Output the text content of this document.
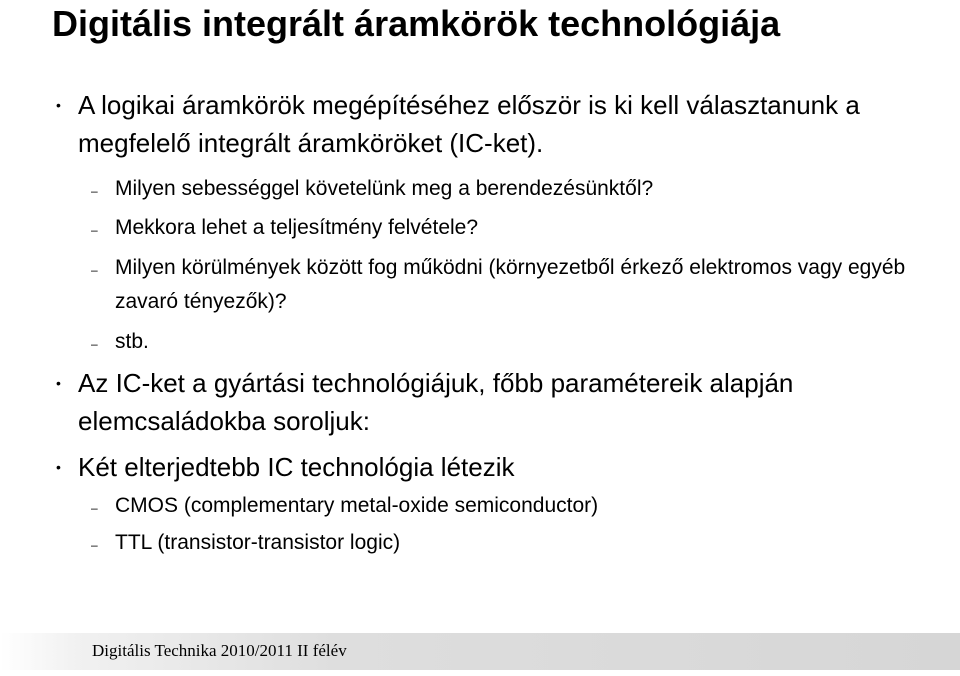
Digitális integrált áramkörök technológiája
• A logikai áramkörök megépítéséhez először is ki kell választanunk a megfelelő integrált áramköröket (IC-ket).
– Milyen sebességgel követelünk meg a berendezésünktől?
– Mekkora lehet a teljesítmény felvétele?
– Milyen körülmények között fog működni (környezetből érkező elektromos vagy egyéb zavaró tényezők)?
– stb.
• Az IC-ket a gyártási technológiájuk, főbb paramétereik alapján elemcsaládokba soroljuk:
• Két elterjedtebb IC technológia létezik
– CMOS (complementary metal-oxide semiconductor)
– TTL (transistor-transistor logic)
Digitális Technika 2010/2011 II félév
